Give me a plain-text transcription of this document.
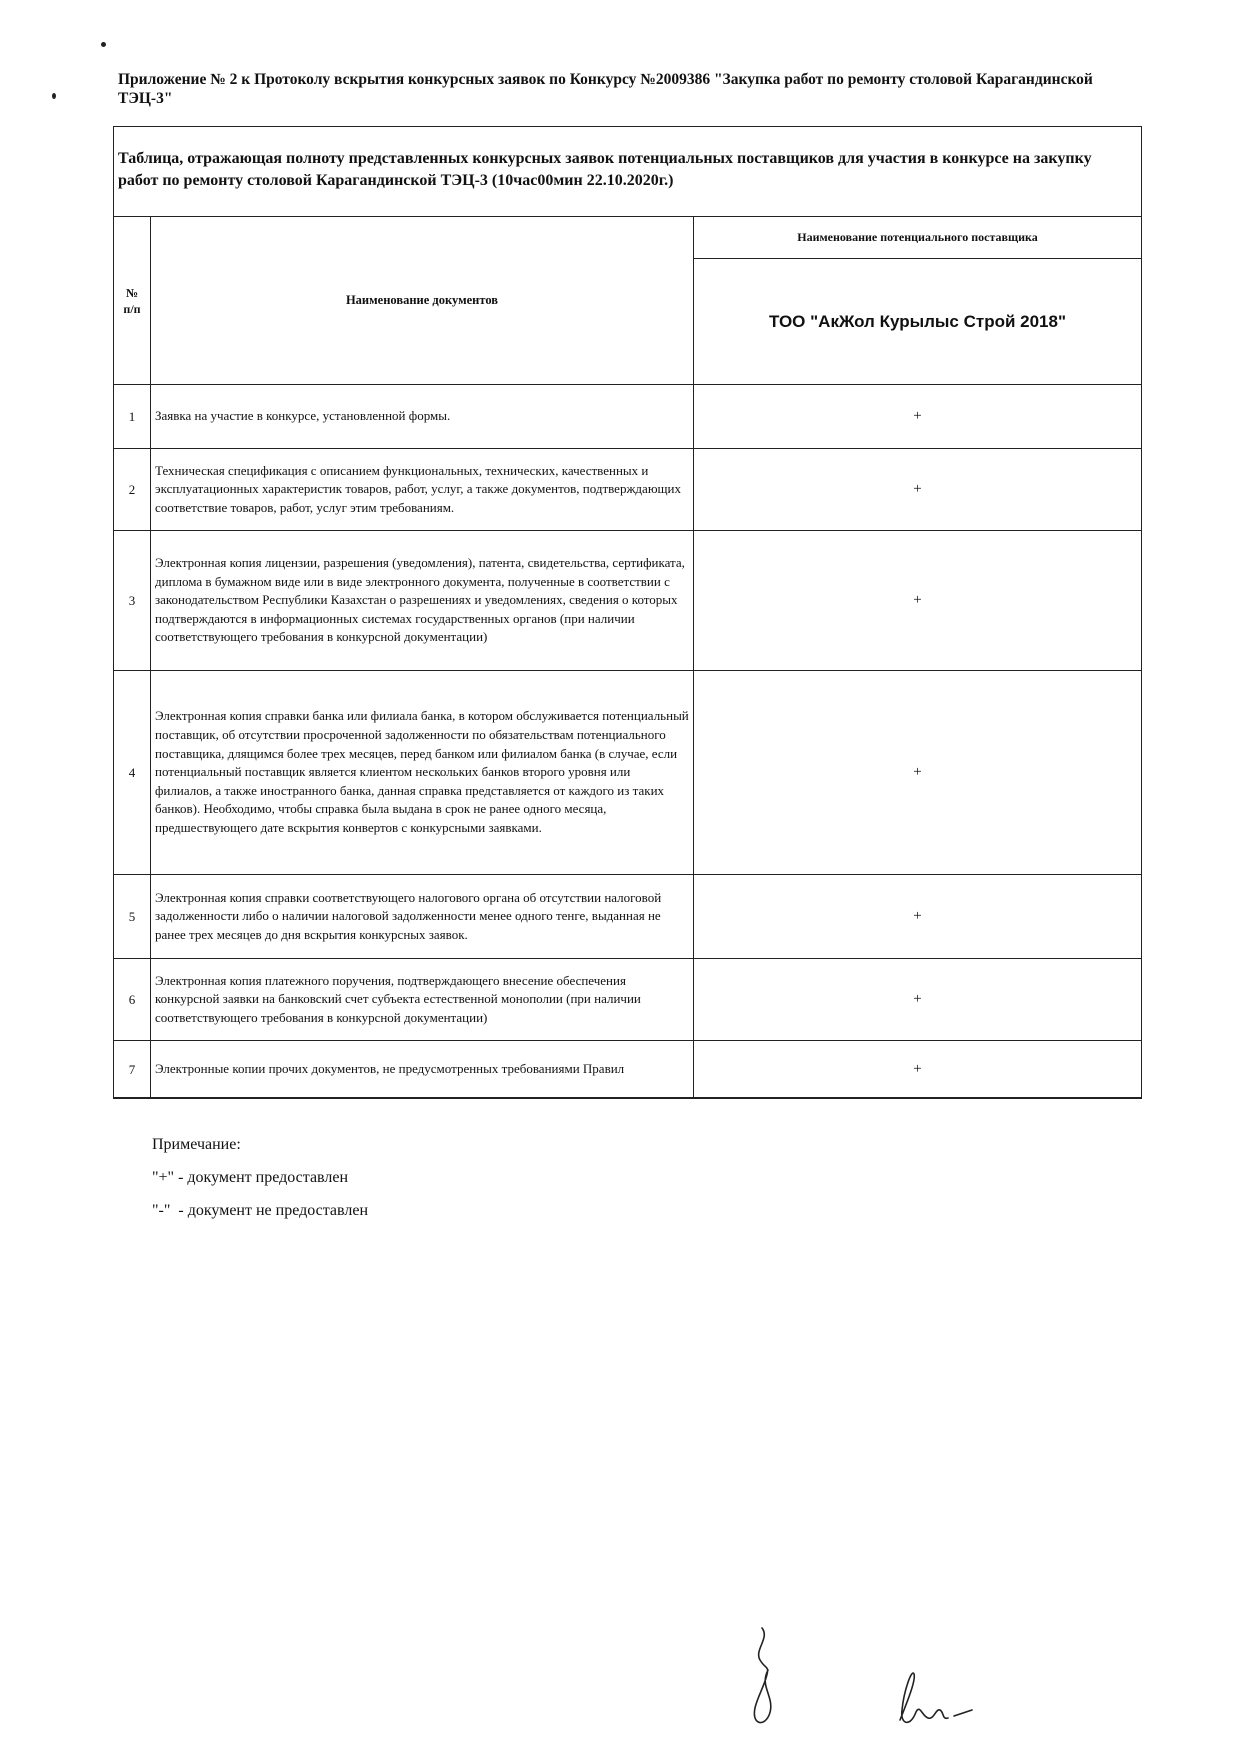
Приложение № 2 к Протоколу вскрытия конкурсных заявок по Конкурсу №2009386 "Закупка работ по ремонту столовой Карагандинской ТЭЦ-3"
Таблица, отражающая полноту представленных конкурсных заявок потенциальных поставщиков для участия в конкурсе на закупку работ по ремонту столовой Карагандинской ТЭЦ-3 (10час00мин 22.10.2020г.)
№
п/п	Наименование документов	Наименование потенциального поставщика
		ТОО "АкЖол Курылыс Строй 2018"
1	Заявка на участие в конкурсе, установленной формы.	+
2	Техническая спецификация с описанием функциональных, технических, качественных и эксплуатационных характеристик товаров, работ, услуг, а также документов, подтверждающих соответствие товаров, работ, услуг этим требованиям.	+
3	Электронная копия лицензии, разрешения (уведомления), патента, свидетельства, сертификата, диплома в бумажном виде или в виде электронного документа, полученные в соответствии с законодательством Республики Казахстан о разрешениях и уведомлениях, сведения о которых подтверждаются в информационных системах государственных органов (при наличии соответствующего требования в конкурсной документации)	+
4	Электронная копия справки банка или филиала банка, в котором обслуживается потенциальный поставщик, об отсутствии просроченной задолженности по обязательствам потенциального поставщика, длящимся более трех месяцев, перед банком или филиалом банка (в случае, если потенциальный поставщик является клиентом нескольких банков второго уровня или филиалов, а также иностранного банка, данная справка представляется от каждого из таких банков). Необходимо, чтобы справка была выдана в срок не ранее одного месяца, предшествующего дате вскрытия конвертов с конкурсными заявками.	+
5	Электронная копия справки соответствующего налогового органа об отсутствии налоговой задолженности либо о наличии налоговой задолженности менее одного тенге, выданная не ранее трех месяцев до дня вскрытия конкурсных заявок.	+
6	Электронная копия платежного поручения, подтверждающего внесение обеспечения конкурсной заявки на банковский счет субъекта естественной монополии (при наличии соответствующего требования в конкурсной документации)	+
7	Электронные копии прочих документов, не предусмотренных требованиями Правил	+
Примечание:
"+" - документ предоставлен
"-"  - документ не предоставлен
